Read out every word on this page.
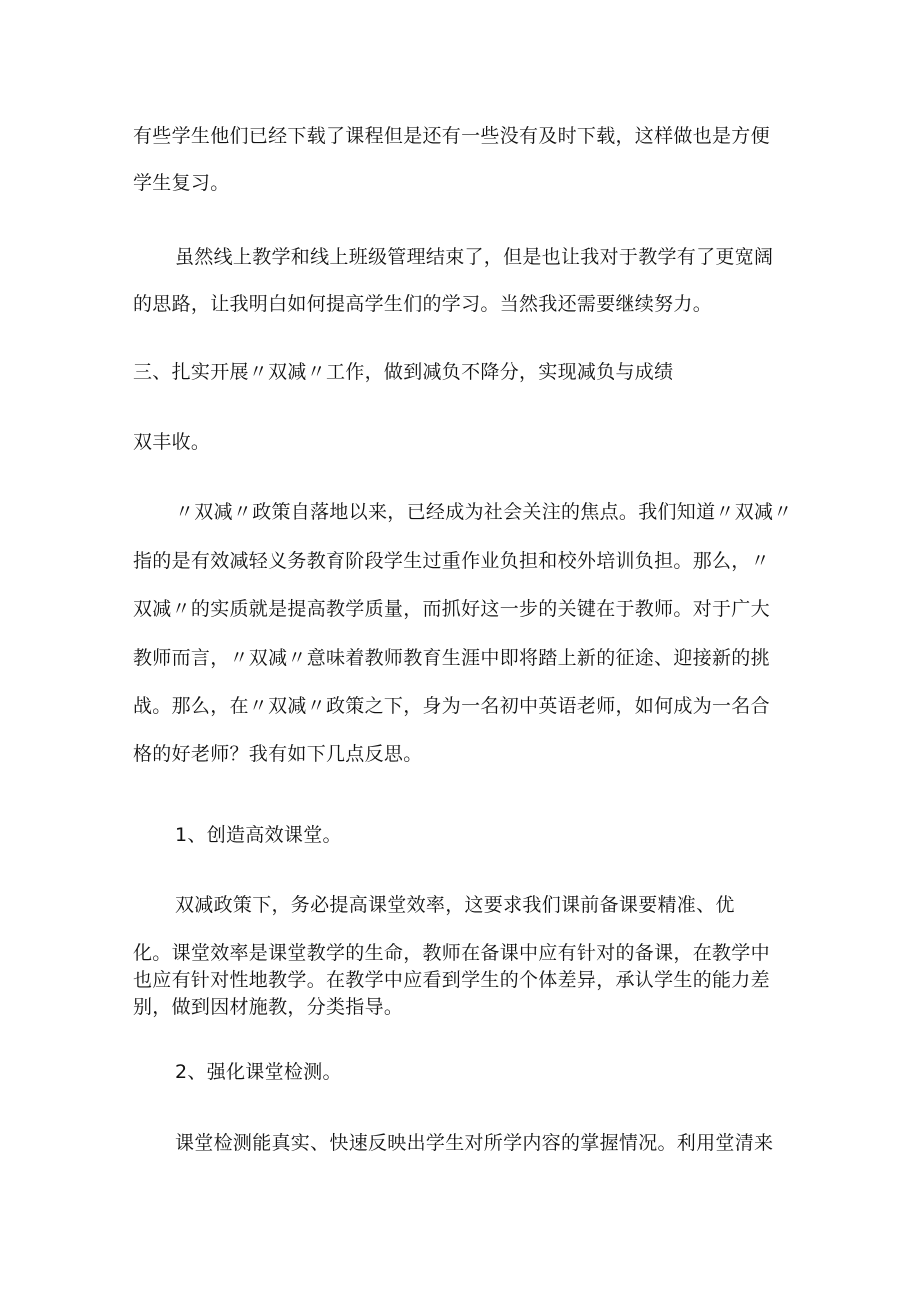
有些学生他们已经下载了课程但是还有一些没有及时下载，这样做也是方便
学生复习。
虽然线上教学和线上班级管理结束了，但是也让我对于教学有了更宽阔
的思路，让我明白如何提高学生们的学习。当然我还需要继续努力。
三、扎实开展〃双减〃工作，做到减负不降分，实现减负与成绩
双丰收。
〃双减〃政策自落地以来，已经成为社会关注的焦点。我们知道〃双减〃
指的是有效减轻义务教育阶段学生过重作业负担和校外培训负担。那么，〃
双减〃的实质就是提高教学质量，而抓好这一步的关键在于教师。对于广大
教师而言，〃双减〃意味着教师教育生涯中即将踏上新的征途、迎接新的挑
战。那么，在〃双减〃政策之下，身为一名初中英语老师，如何成为一名合
格的好老师？我有如下几点反思。
1、创造高效课堂。
双减政策下，务必提高课堂效率，这要求我们课前备课要精准、优
化。课堂效率是课堂教学的生命，教师在备课中应有针对的备课，在教学中
也应有针对性地教学。在教学中应看到学生的个体差异，承认学生的能力差
别，做到因材施教，分类指导。
2、强化课堂检测。
课堂检测能真实、快速反映出学生对所学内容的掌握情况。利用堂清来
